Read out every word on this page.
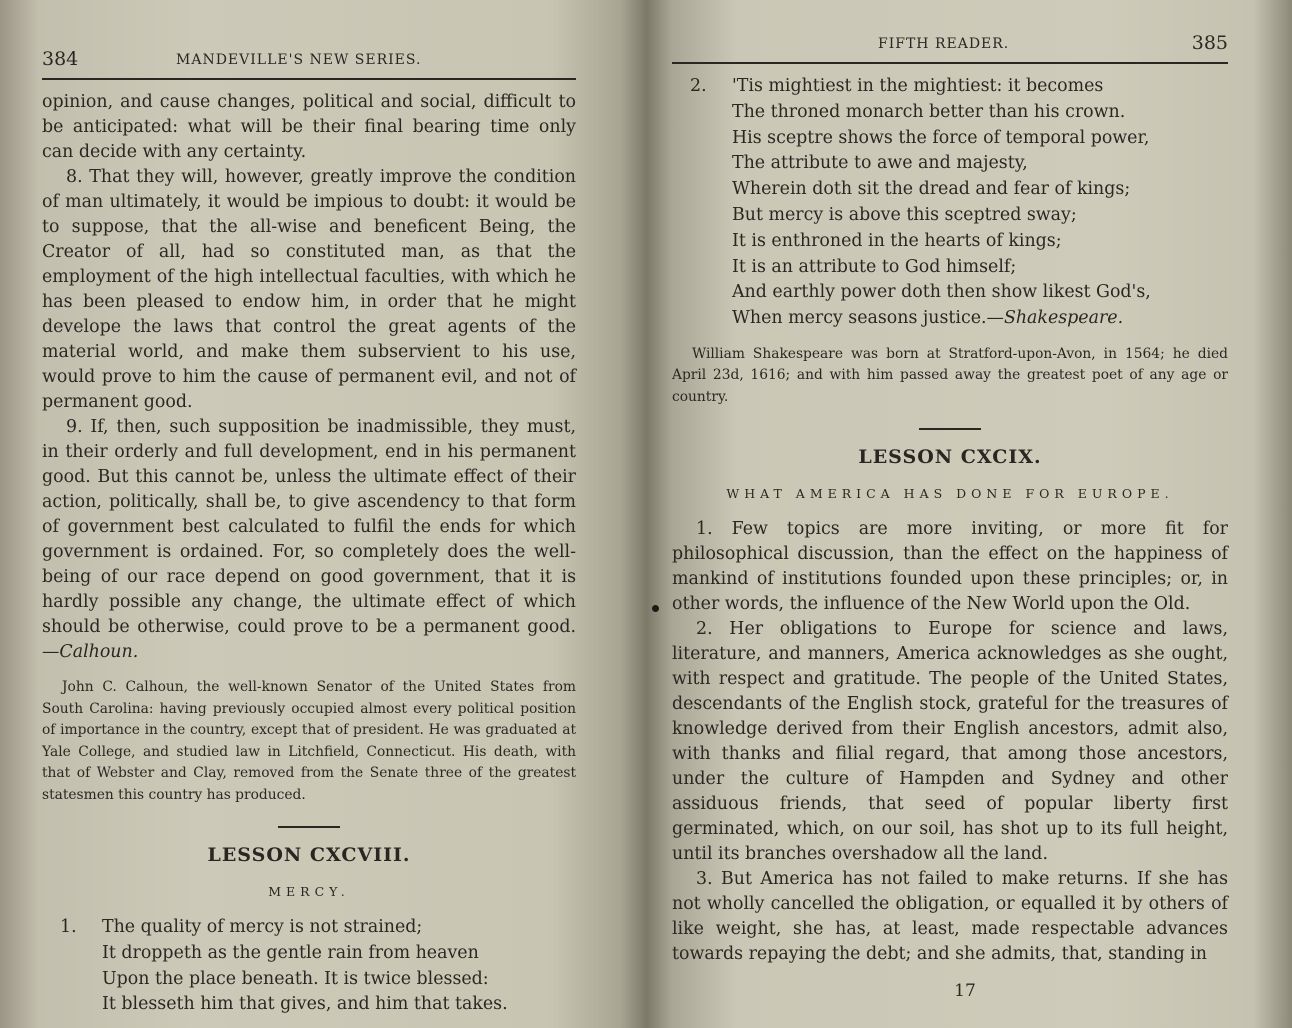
384	MANDEVILLE'S NEW SERIES.

opinion, and cause changes, political and social, difficult to be anticipated: what will be their final bearing time only can decide with any certainty.

8. That they will, however, greatly improve the condition of man ultimately, it would be impious to doubt: it would be to suppose, that the all-wise and beneficent Being, the Creator of all, had so constituted man, as that the employment of the high intellectual faculties, with which he has been pleased to endow him, in order that he might develope the laws that control the great agents of the material world, and make them subservient to his use, would prove to him the cause of permanent evil, and not of permanent good.

9. If, then, such supposition be inadmissible, they must, in their orderly and full development, end in his permanent good. But this cannot be, unless the ultimate effect of their action, politically, shall be, to give ascendency to that form of government best calculated to fulfil the ends for which government is ordained. For, so completely does the well-being of our race depend on good government, that it is hardly possible any change, the ultimate effect of which should be otherwise, could prove to be a permanent good. —Calhoun.

John C. Calhoun, the well-known Senator of the United States from South Carolina: having previously occupied almost every political position of importance in the country, except that of president. He was graduated at Yale College, and studied law in Litchfield, Connecticut. His death, with that of Webster and Clay, removed from the Senate three of the greatest statesmen this country has produced.

LESSON CXCVIII.
MERCY.
1.	The quality of mercy is not strained;
It droppeth as the gentle rain from heaven
Upon the place beneath. It is twice blessed:
It blesseth him that gives, and him that takes.
FIFTH READER.	385
2.	'Tis mightiest in the mightiest: it becomes
The throned monarch better than his crown.
His sceptre shows the force of temporal power,
The attribute to awe and majesty,
Wherein doth sit the dread and fear of kings;
But mercy is above this sceptred sway;
It is enthroned in the hearts of kings;
It is an attribute to God himself;
And earthly power doth then show likest God's,
When mercy seasons justice.—Shakespeare.

William Shakespeare was born at Stratford-upon-Avon, in 1564; he died April 23d, 1616; and with him passed away the greatest poet of any age or country.

LESSON CXCIX.
WHAT AMERICA HAS DONE FOR EUROPE.

1. Few topics are more inviting, or more fit for philosophical discussion, than the effect on the happiness of mankind of institutions founded upon these principles; or, in other words, the influence of the New World upon the Old.

2. Her obligations to Europe for science and laws, literature, and manners, America acknowledges as she ought, with respect and gratitude. The people of the United States, descendants of the English stock, grateful for the treasures of knowledge derived from their English ancestors, admit also, with thanks and filial regard, that among those ancestors, under the culture of Hampden and Sydney and other assiduous friends, that seed of popular liberty first germinated, which, on our soil, has shot up to its full height, until its branches overshadow all the land.

3. But America has not failed to make returns. If she has not wholly cancelled the obligation, or equalled it by others of like weight, she has, at least, made respectable advances towards repaying the debt; and she admits, that, standing in

17
